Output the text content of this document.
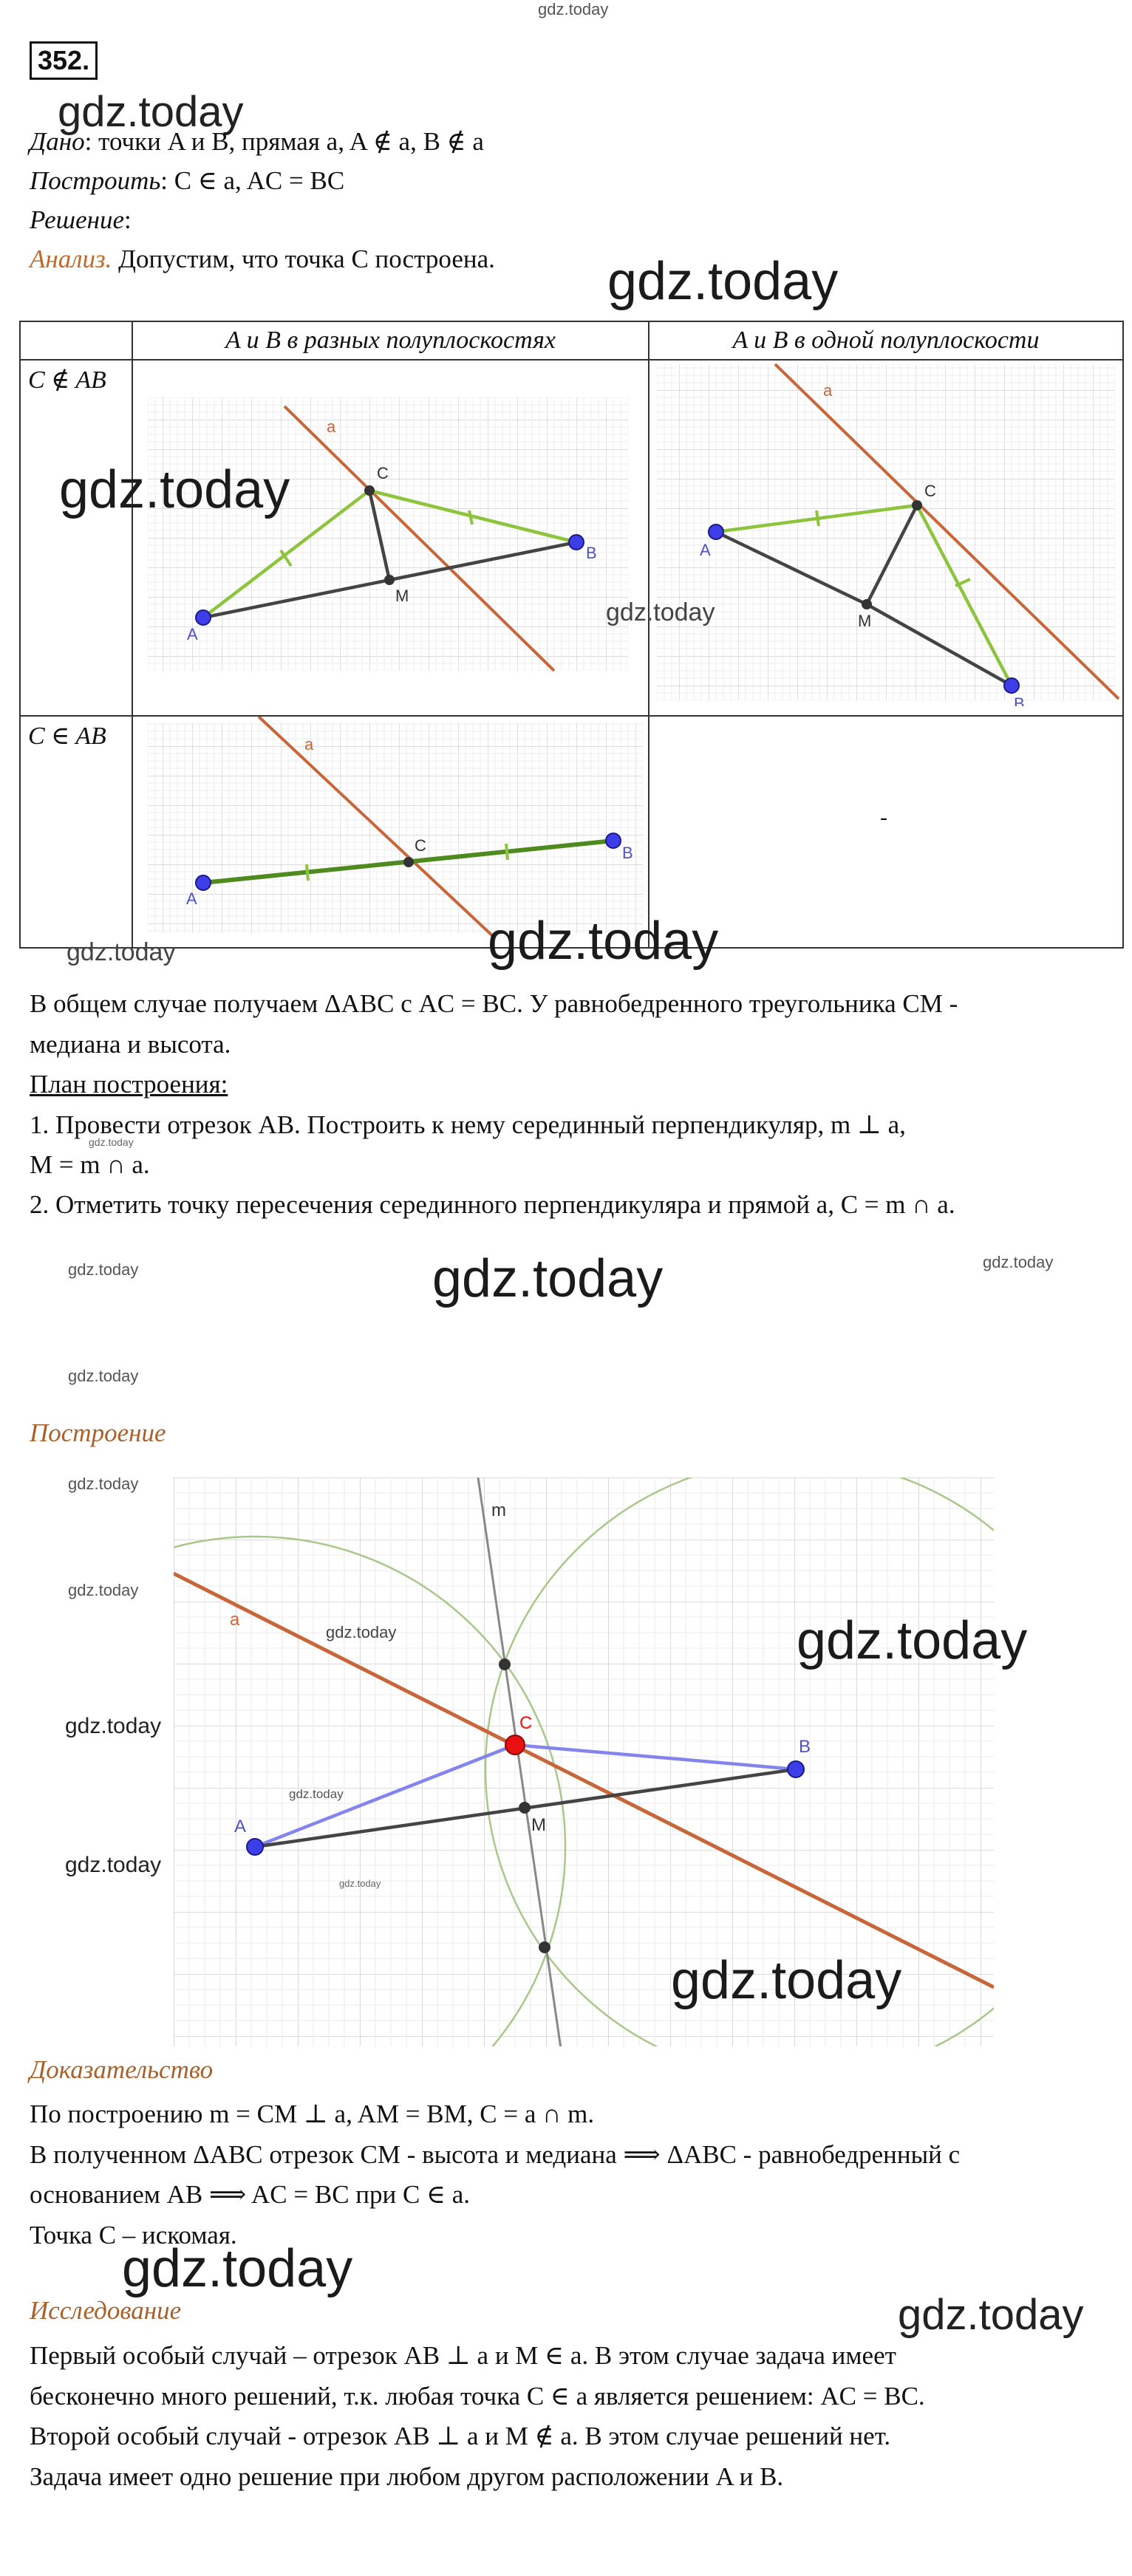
gdz.today
352.
gdz.today
Дано: точки A и B, прямая a, A ∉ a, B ∉ a
Построить: C ∈ a, AC = BC
Решение:
Анализ. Допустим, что точка C построена. gdz.today
	A и B в разных полуплоскостях	A и B в одной полуплоскости
C ∉ AB	a
A
B
C
M	a
A
B
C
M

C ∈ AB	a
A
B
C	-
gdz.today
gdz.today
gdz.today	gdz.today
В общем случае получаем ΔABC с AC = BC. У равнобедренного треугольника CM -
медиана и высота.
План построения:
1. Провести отрезок AB. Построить к нему серединный перпендикуляр, m ⊥ a,
gdz.today
M = m ∩ a.
2. Отметить точку пересечения серединного перпендикуляра и прямой a, C = m ∩ a.
gdz.today	gdz.today	gdz.today
gdz.today
Построение
gdz.today
gdz.today
gdz.today
gdz.today
m
a
C
A
B
M
gdz.today
gdz.today
gdz.today
gdz.today
gdz.today
Доказательство
По построению m = CM ⊥ a, AM = BM, C = a ∩ m.
В полученном ΔABC отрезок CM - высота и медиана ⟹ ΔABC - равнобедренный с
основанием AB ⟹ AC = BC при C ∈ a.
Точка C – искомая.
gdz.today
Исследование	gdz.today
Первый особый случай – отрезок AB ⊥ a и M ∈ a. В этом случае задача имеет
бесконечно много решений, т.к. любая точка C ∈ a является решением: AC = BC.
Второй особый случай - отрезок AB ⊥ a и M ∉ a. В этом случае решений нет.
Задача имеет одно решение при любом другом расположении A и B.
